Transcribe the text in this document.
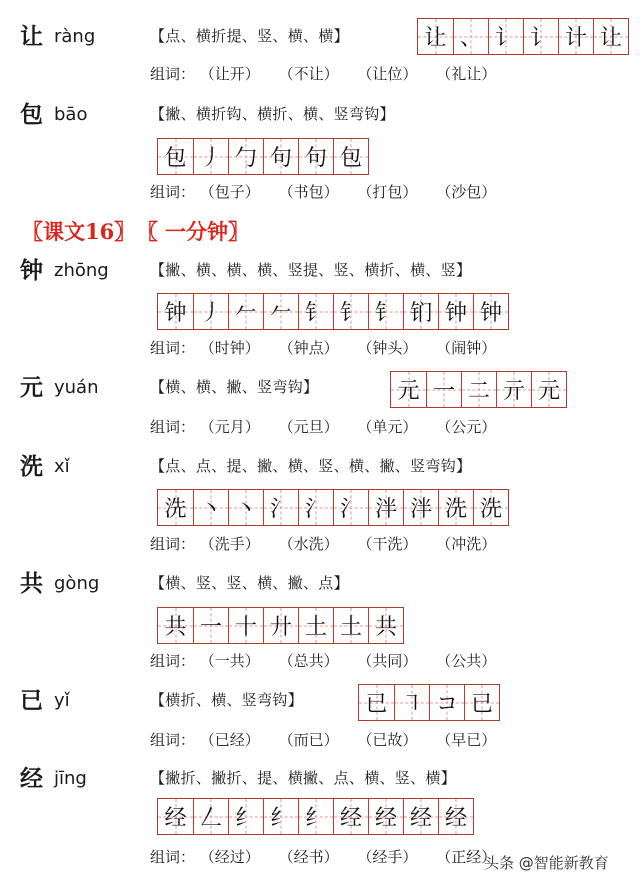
让 ràng	【点、横折提、竖、横、横】	让 、 讠 讠 计 让
组词： （让开） （不让） （让位） （礼让）
包 bāo	【撇、横折钩、横折、横、竖弯钩】
包 丿 勹 句 句 包
组词： （包子） （书包） （打包） （沙包）
〖课文16〗 〖 一分钟〗
钟 zhōng	【撇、横、横、横、竖提、竖、横折、横、竖】
钟 丿 𠂉 𠂉 钅 钅 钅 钔 钟 钟
组词： （时钟） （钟点） （钟头） （闹钟）
元 yuán	【横、横、撇、竖弯钩】	元 一 二 亓 元
组词： （元月） （元旦） （单元） （公元）
洗 xǐ	【点、点、提、撇、横、竖、横、撇、竖弯钩】
洗 丶 丶 氵 氵 氵 泮 泮 洗 洗
组词： （洗手） （水洗） （干洗） （冲洗）
共 gòng	【横、竖、竖、横、撇、点】
共 一 十 廾 土 土 共
组词： （一共） （总共） （共同） （公共）
已 yǐ	【横折、横、竖弯钩】	已 ㇕ コ 已
组词： （已经） （而已） （已故） （早已）
经 jīng	【撇折、撇折、提、横撇、点、横、竖、横】
经 𠃋 纟 纟 纟 经 经 经 经
组词： （经过） （经书） （经手） （正经）
头条 @智能新教育
